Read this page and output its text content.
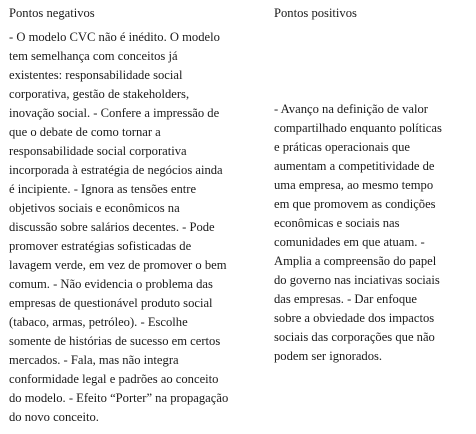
Pontos negativos
- O modelo CVC não é inédito. O modelo
tem semelhança com conceitos já
existentes: responsabilidade social
corporativa, gestão de stakeholders,
inovação social. - Confere a impressão de
que o debate de como tornar a
responsabilidade social corporativa
incorporada à estratégia de negócios ainda
é incipiente. - Ignora as tensões entre
objetivos sociais e econômicos na
discussão sobre salários decentes. - Pode
promover estratégias sofisticadas de
lavagem verde, em vez de promover o bem
comum. - Não evidencia o problema das
empresas de questionável produto social
(tabaco, armas, petróleo). - Escolhe
somente de histórias de sucesso em certos
mercados. - Fala, mas não integra
conformidade legal e padrões ao conceito
do modelo. - Efeito “Porter” na propagação
do novo conceito.
Pontos positivos
- Avanço na definição de valor
compartilhado enquanto políticas
e práticas operacionais que
aumentam a competitividade de
uma empresa, ao mesmo tempo
em que promovem as condições
econômicas e sociais nas
comunidades em que atuam. -
Amplia a compreensão do papel
do governo nas inciativas sociais
das empresas. - Dar enfoque
sobre a obviedade dos impactos
sociais das corporações que não
podem ser ignorados.
